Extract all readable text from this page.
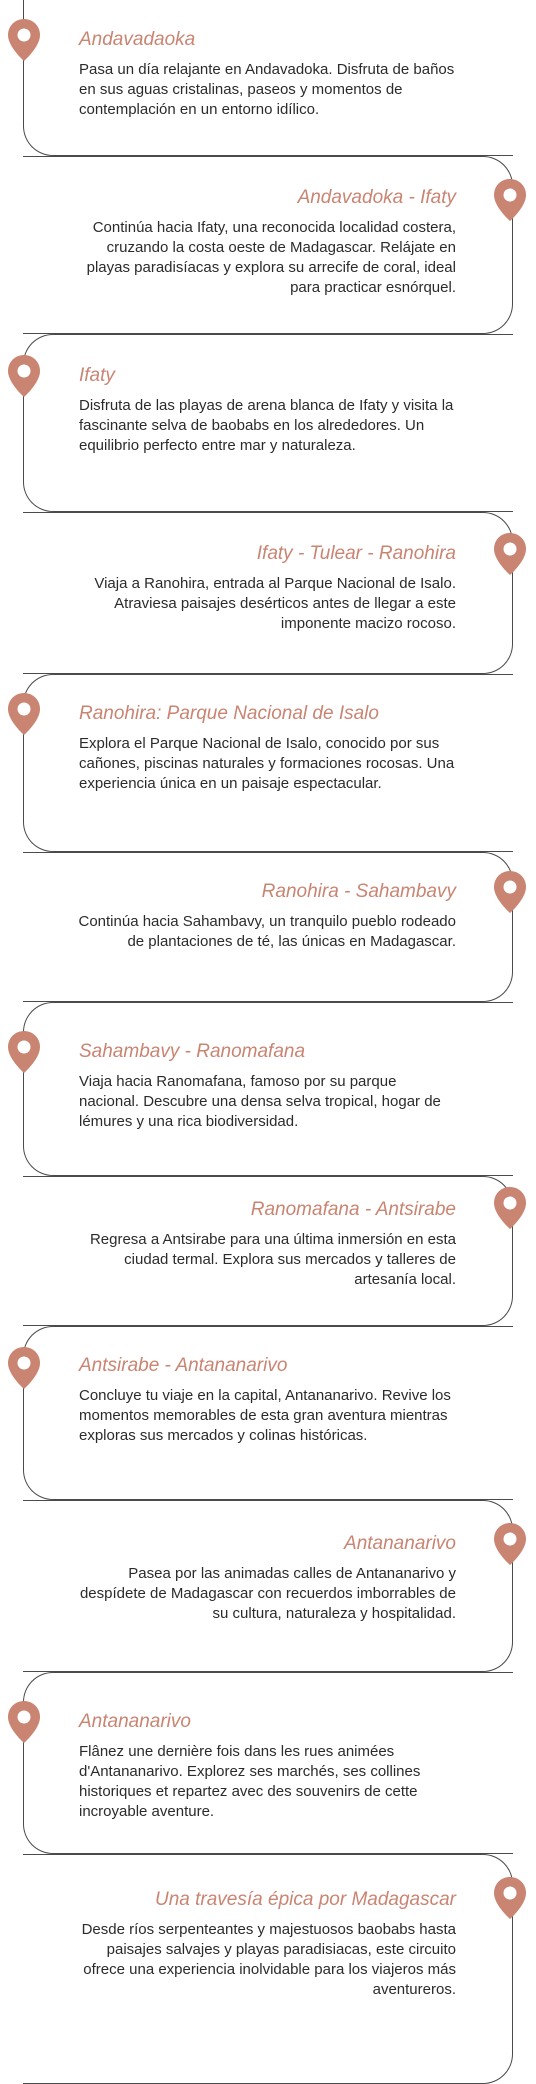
Andavadaoka

Pasa un día relajante en Andavadoka. Disfruta de baños en sus aguas cristalinas, paseos y momentos de contemplación en un entorno idílico.

Andavadoka - Ifaty

Continúa hacia Ifaty, una reconocida localidad costera, cruzando la costa oeste de Madagascar. Relájate en playas paradisíacas y explora su arrecife de coral, ideal para practicar esnórquel.

Ifaty

Disfruta de las playas de arena blanca de Ifaty y visita la fascinante selva de baobabs en los alrededores. Un equilibrio perfecto entre mar y naturaleza.

Ifaty - Tulear - Ranohira

Viaja a Ranohira, entrada al Parque Nacional de Isalo. Atraviesa paisajes desérticos antes de llegar a este imponente macizo rocoso.

Ranohira: Parque Nacional de Isalo

Explora el Parque Nacional de Isalo, conocido por sus cañones, piscinas naturales y formaciones rocosas. Una experiencia única en un paisaje espectacular.

Ranohira - Sahambavy

Continúa hacia Sahambavy, un tranquilo pueblo rodeado de plantaciones de té, las únicas en Madagascar.

Sahambavy - Ranomafana

Viaja hacia Ranomafana, famoso por su parque nacional. Descubre una densa selva tropical, hogar de lémures y una rica biodiversidad.

Ranomafana - Antsirabe

Regresa a Antsirabe para una última inmersión en esta ciudad termal. Explora sus mercados y talleres de artesanía local.

Antsirabe - Antananarivo

Concluye tu viaje en la capital, Antananarivo. Revive los momentos memorables de esta gran aventura mientras exploras sus mercados y colinas históricas.

Antananarivo

Pasea por las animadas calles de Antananarivo y despídete de Madagascar con recuerdos imborrables de su cultura, naturaleza y hospitalidad.

Antananarivo

Flânez une dernière fois dans les rues animées d'Antananarivo. Explorez ses marchés, ses collines historiques et repartez avec des souvenirs de cette incroyable aventure.

Una travesía épica por Madagascar

Desde ríos serpenteantes y majestuosos baobabs hasta paisajes salvajes y playas paradisiacas, este circuito ofrece una experiencia inolvidable para los viajeros más aventureros.
